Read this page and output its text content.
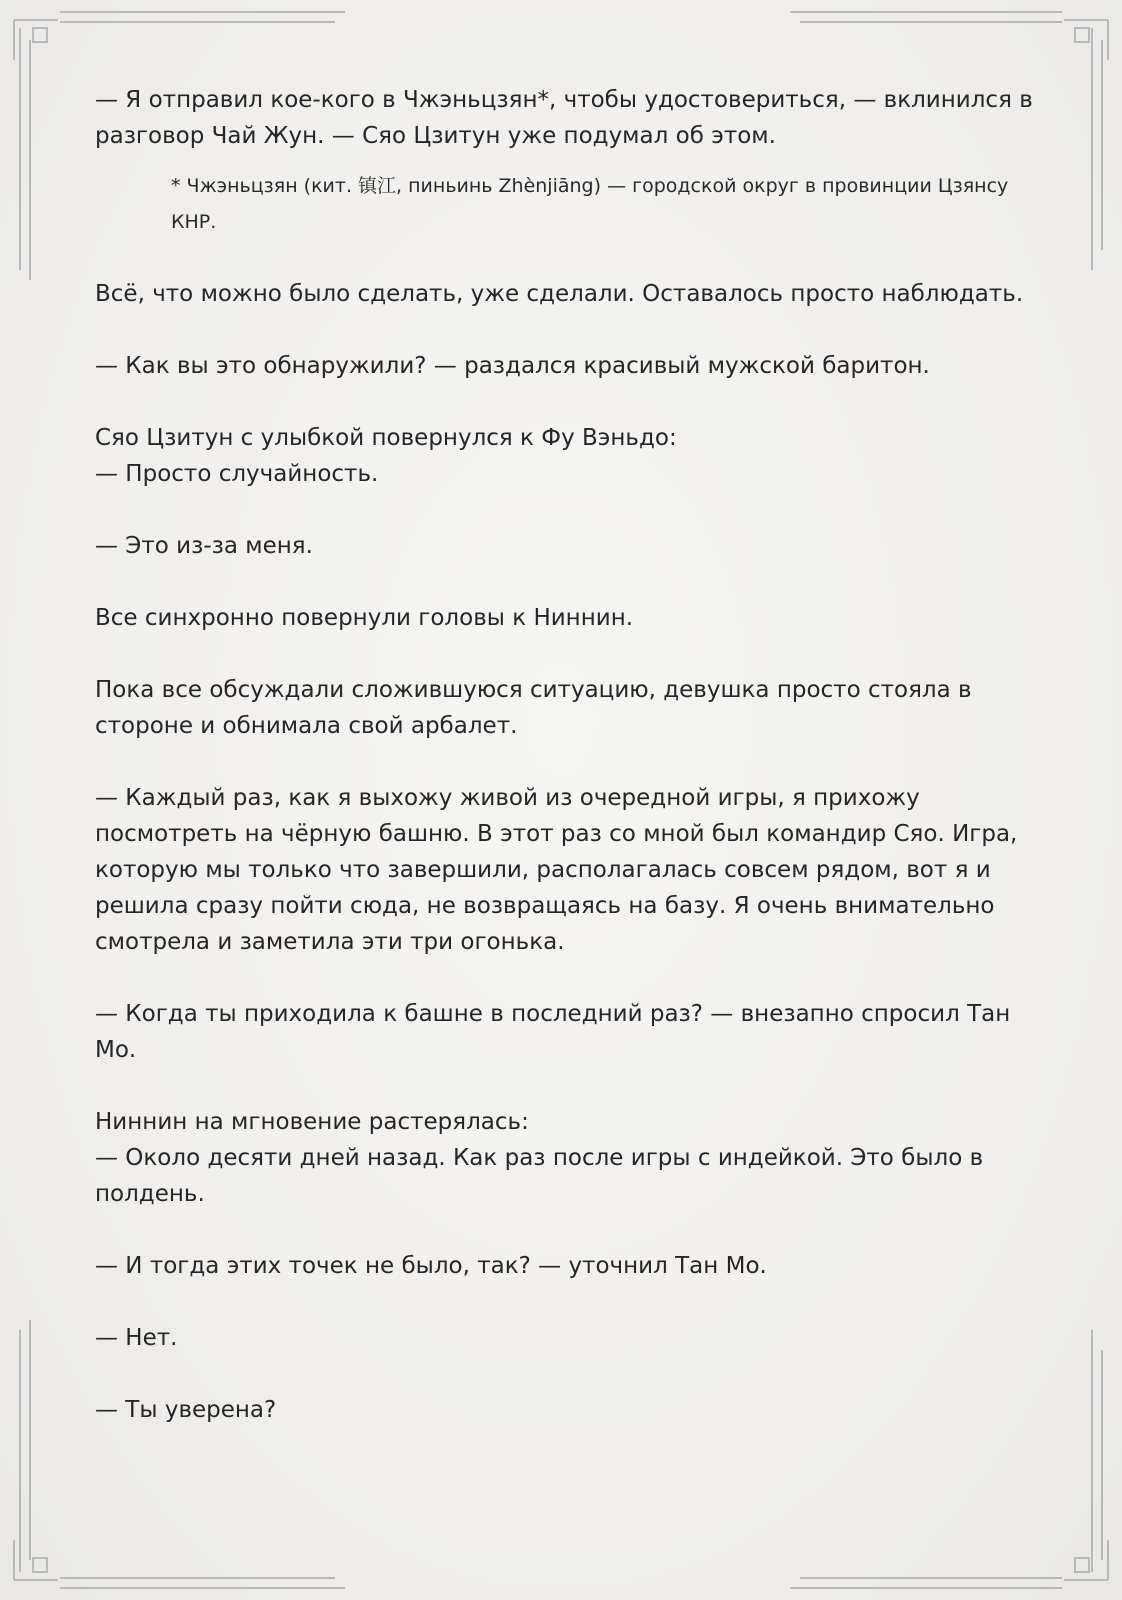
— Я отправил кое-кого в Чжэньцзян*, чтобы удостовериться, — вклинился в разговор Чай Жун. — Сяо Цзитун уже подумал об этом.

* Чжэньцзян (кит. 镇江, пиньинь Zhènjiāng) — городской округ в провинции Цзянсу КНР.

Всё, что можно было сделать, уже сделали. Оставалось просто наблюдать.

— Как вы это обнаружили? — раздался красивый мужской баритон.

Сяо Цзитун с улыбкой повернулся к Фу Вэньдо:
— Просто случайность.

— Это из-за меня.

Все синхронно повернули головы к Ниннин.

Пока все обсуждали сложившуюся ситуацию, девушка просто стояла в стороне и обнимала свой арбалет.

— Каждый раз, как я выхожу живой из очередной игры, я прихожу посмотреть на чёрную башню. В этот раз со мной был командир Сяо. Игра, которую мы только что завершили, располагалась совсем рядом, вот я и решила сразу пойти сюда, не возвращаясь на базу. Я очень внимательно смотрела и заметила эти три огонька.

— Когда ты приходила к башне в последний раз? — внезапно спросил Тан Мо.

Ниннин на мгновение растерялась:
— Около десяти дней назад. Как раз после игры с индейкой. Это было в полдень.

— И тогда этих точек не было, так? — уточнил Тан Мо.

— Нет.

— Ты уверена?
